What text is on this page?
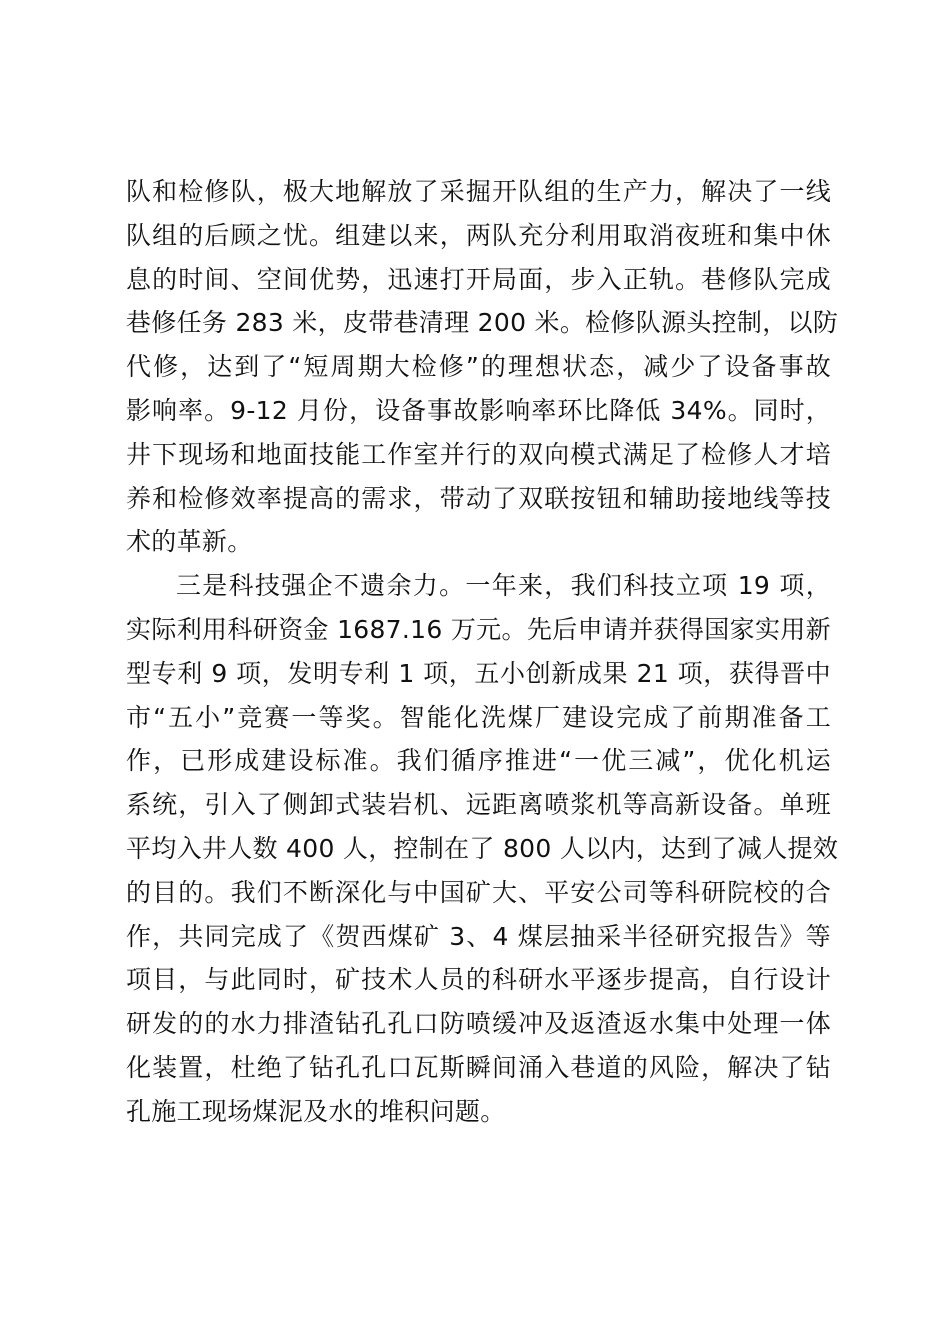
队和检修队，极大地解放了采掘开队组的生产力，解决了一线
队组的后顾之忧。组建以来，两队充分利用取消夜班和集中休
息的时间、空间优势，迅速打开局面，步入正轨。巷修队完成
巷修任务 283 米，皮带巷清理 200 米。检修队源头控制，以防
代修，达到了“短周期大检修”的理想状态，减少了设备事故
影响率。9-12 月份，设备事故影响率环比降低 34%。同时，
井下现场和地面技能工作室并行的双向模式满足了检修人才培
养和检修效率提高的需求，带动了双联按钮和辅助接地线等技
术的革新。

三是科技强企不遗余力。一年来，我们科技立项 19 项，
实际利用科研资金 1687.16 万元。先后申请并获得国家实用新
型专利 9 项，发明专利 1 项，五小创新成果 21 项，获得晋中
市“五小”竞赛一等奖。智能化洗煤厂建设完成了前期准备工
作，已形成建设标准。我们循序推进“一优三减”，优化机运
系统，引入了侧卸式装岩机、远距离喷浆机等高新设备。单班
平均入井人数 400 人，控制在了 800 人以内，达到了减人提效
的目的。我们不断深化与中国矿大、平安公司等科研院校的合
作，共同完成了《贺西煤矿 3、4 煤层抽采半径研究报告》等
项目，与此同时，矿技术人员的科研水平逐步提高，自行设计
研发的的水力排渣钻孔孔口防喷缓冲及返渣返水集中处理一体
化装置，杜绝了钻孔孔口瓦斯瞬间涌入巷道的风险，解决了钻
孔施工现场煤泥及水的堆积问题。
